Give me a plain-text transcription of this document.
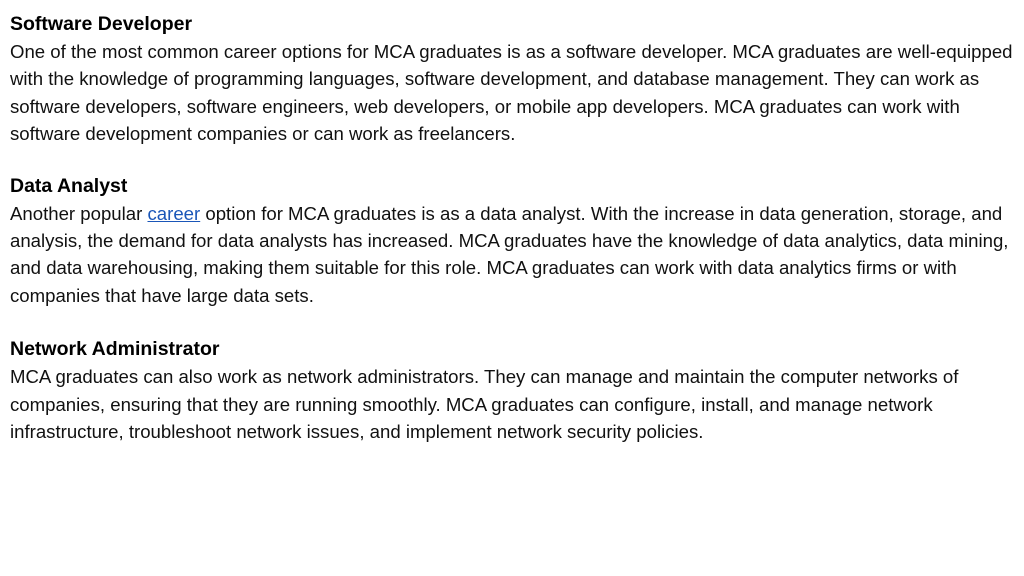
Software Developer

One of the most common career options for MCA graduates is as a software developer. MCA graduates are well-equipped with the knowledge of programming languages, software development, and database management. They can work as software developers, software engineers, web developers, or mobile app developers. MCA graduates can work with software development companies or can work as freelancers.

Data Analyst

Another popular career option for MCA graduates is as a data analyst. With the increase in data generation, storage, and analysis, the demand for data analysts has increased. MCA graduates have the knowledge of data analytics, data mining, and data warehousing, making them suitable for this role. MCA graduates can work with data analytics firms or with companies that have large data sets.

Network Administrator

MCA graduates can also work as network administrators. They can manage and maintain the computer networks of companies, ensuring that they are running smoothly. MCA graduates can configure, install, and manage network infrastructure, troubleshoot network issues, and implement network security policies.
